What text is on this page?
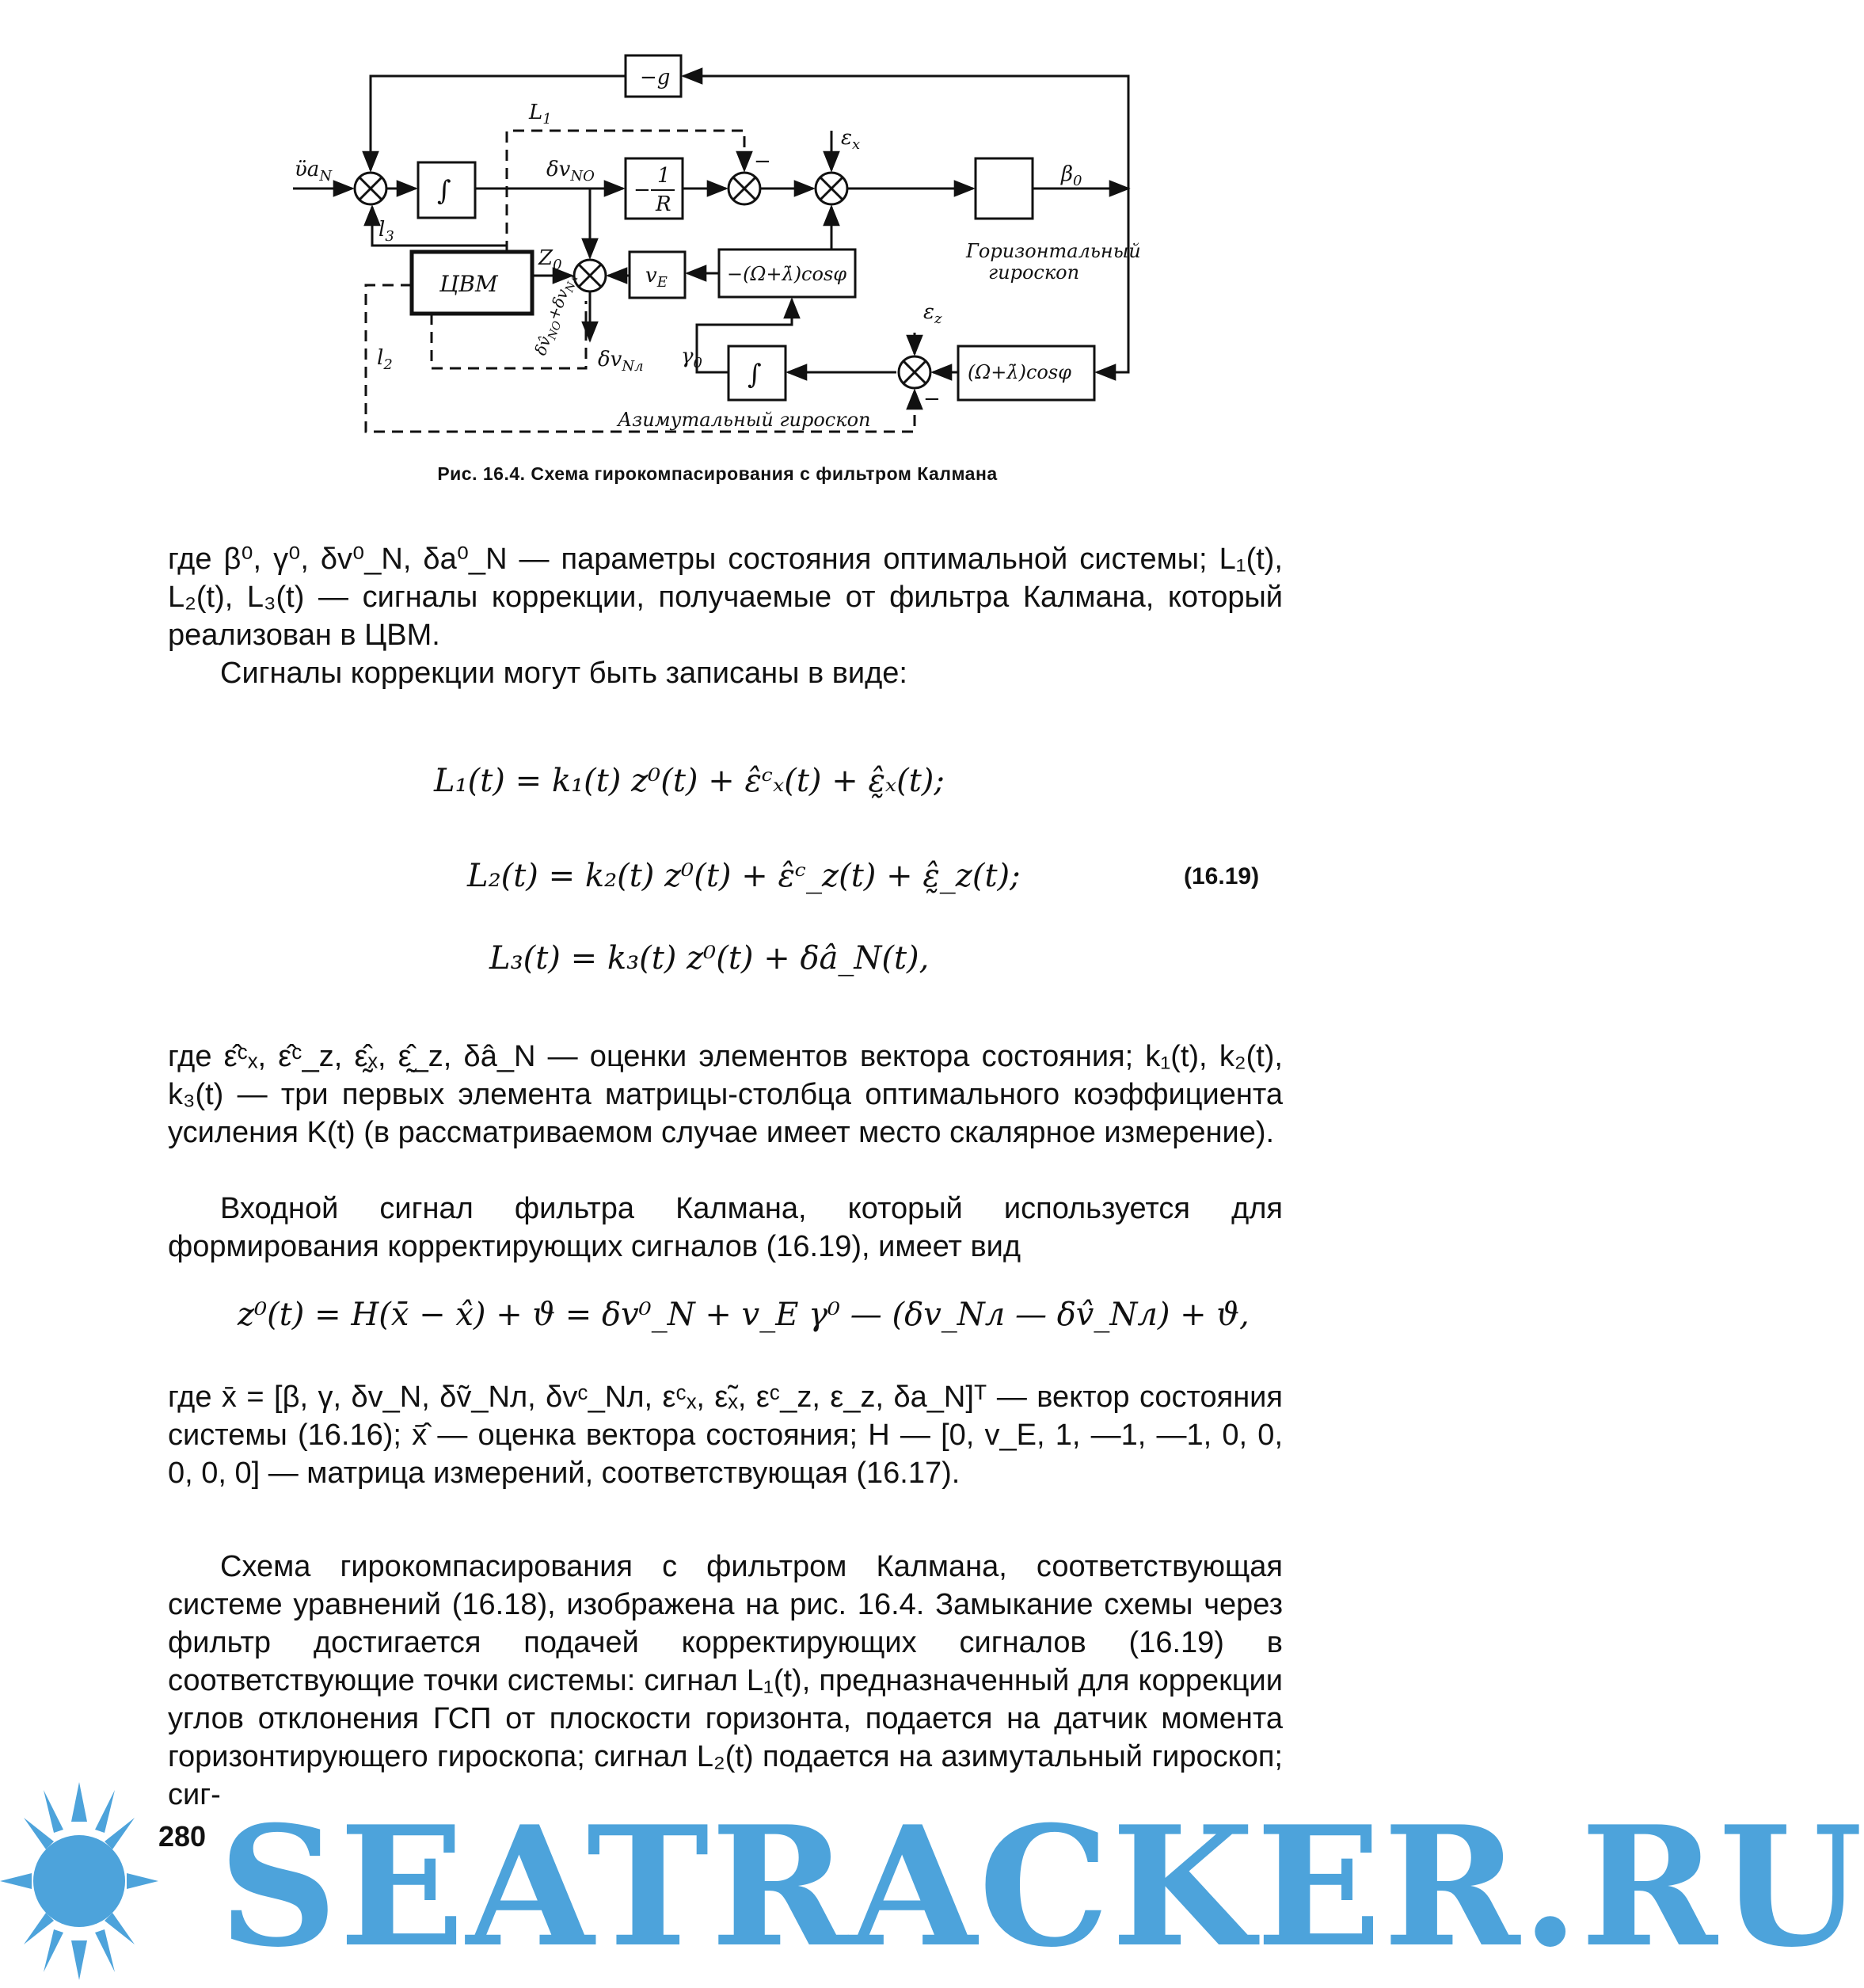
$ϋa_N$
−g
∫
$L_1$
$\delta v_{NO}$
−
1
R
−
$\varepsilon_x$
$\beta_0$
$l_3$
ЦВМ
$Z_0$	$v_E$	−(Ω+λ̇)cosφ
Горизонтальный
гироскоп
$\varepsilon_z$
(Ω+λ̇)cosφ
−
∫
$\gamma_0$
$\delta v_{Nл}$
$l_2$
Азимутальный гироскоп
$\delta v̂_{NO}+\delta v_{Nл}$
Рис. 16.4. Схема гирокомпасирования с фильтром Калмана
где β⁰, γ⁰, δv⁰_N, δa⁰_N — параметры состояния оптимальной системы; L₁(t), L₂(t), L₃(t) — сигналы коррекции, получаемые от фильтра Калмана, который реализован в ЦВМ.
Сигналы коррекции могут быть записаны в виде:
L₁(t) = k₁(t) z⁰(t) + ε̂ᶜₓ(t) + ε̰̂ₓ(t);
L₂(t) = k₂(t) z⁰(t) + ε̂ᶜ_z(t) + ε̰̂_z(t);	(16.19)
L₃(t) = k₃(t) z⁰(t) + δâ_N(t),
где ε̂ᶜₓ, ε̂ᶜ_z, ε̰̂ₓ, ε̰̂_z, δâ_N — оценки элементов вектора состояния; k₁(t), k₂(t), k₃(t) — три первых элемента матрицы-столбца оптимального коэффициента усиления K(t) (в рассматриваемом случае имеет место скалярное измерение).
Входной сигнал фильтра Калмана, который используется для формирования корректирующих сигналов (16.19), имеет вид
z⁰(t) = H(x̄ − x̂) + ϑ = δv⁰_N + v_E γ⁰ — (δv_Nл — δv̂_Nл) + ϑ,
где x̄ = [β, γ, δv_N, δṽ_Nл, δvᶜ_Nл, εᶜₓ, ε̃ₓ, εᶜ_z, ε_z, δa_N]ᵀ — вектор состояния системы (16.16); x̄̂ — оценка вектора состояния; H — [0, v_E, 1, —1, —1, 0, 0, 0, 0, 0] — матрица измерений, соответствующая (16.17).
Схема гирокомпасирования с фильтром Калмана, соответствующая системе уравнений (16.18), изображена на рис. 16.4. Замыкание схемы через фильтр достигается подачей корректирующих сигналов (16.19) в соответствующие точки системы: сигнал L₁(t), предназначенный для коррекции углов отклонения ГСП от плоскости горизонта, подается на датчик момента горизонтирующего гироскопа; сигнал L₂(t) подается на азимутальный гироскоп; сиг-
280 SEATRACKER.RU
